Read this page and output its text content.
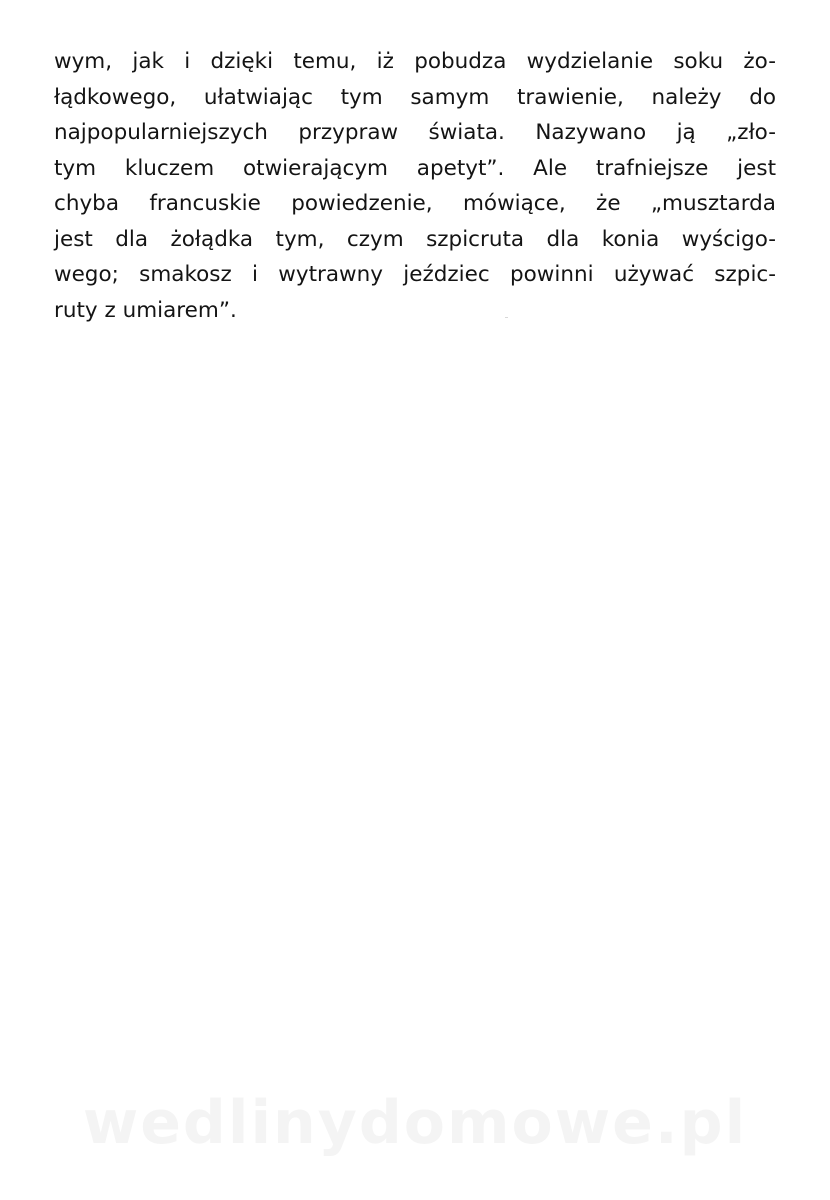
wym, jak i dzięki temu, iż pobudza wydzielanie soku żo-
łądkowego, ułatwiając tym samym trawienie, należy do
najpopularniejszych przypraw świata. Nazywano ją „zło-
tym kluczem otwierającym apetyt”. Ale trafniejsze jest
chyba francuskie powiedzenie, mówiące, że „musztarda
jest dla żołądka tym, czym szpicruta dla konia wyścigo-
wego; smakosz i wytrawny jeździec powinni używać szpic-
ruty z umiarem”.
wedlinydomowe.pl
